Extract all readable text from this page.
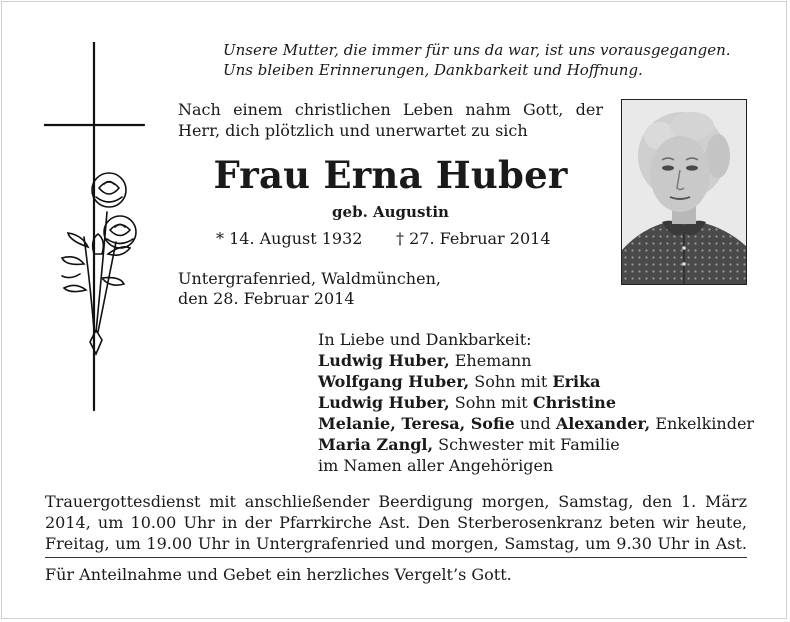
Unsere Mutter, die immer für uns da war, ist uns vorausgegangen.
Uns bleiben Erinnerungen, Dankbarkeit und Hoffnung.
Nach einem christlichen Leben nahm Gott, der
Herr, dich plötzlich und unerwartet zu sich
Frau Erna Huber
geb. Augustin
* 14. August 1932 † 27. Februar 2014
Untergrafenried, Waldmünchen,
den 28. Februar 2014
In Liebe und Dankbarkeit:
Ludwig Huber, Ehemann
Wolfgang Huber, Sohn mit Erika
Ludwig Huber, Sohn mit Christine
Melanie, Teresa, Sofie und Alexander, Enkelkinder
Maria Zangl, Schwester mit Familie
im Namen aller Angehörigen
Trauergottesdienst mit anschließender Beerdigung morgen, Samstag, den 1. März
2014, um 10.00 Uhr in der Pfarrkirche Ast. Den Sterberosenkranz beten wir heute,
Freitag, um 19.00 Uhr in Untergrafenried und morgen, Samstag, um 9.30 Uhr in Ast.
Für Anteilnahme und Gebet ein herzliches Vergelt’s Gott.
